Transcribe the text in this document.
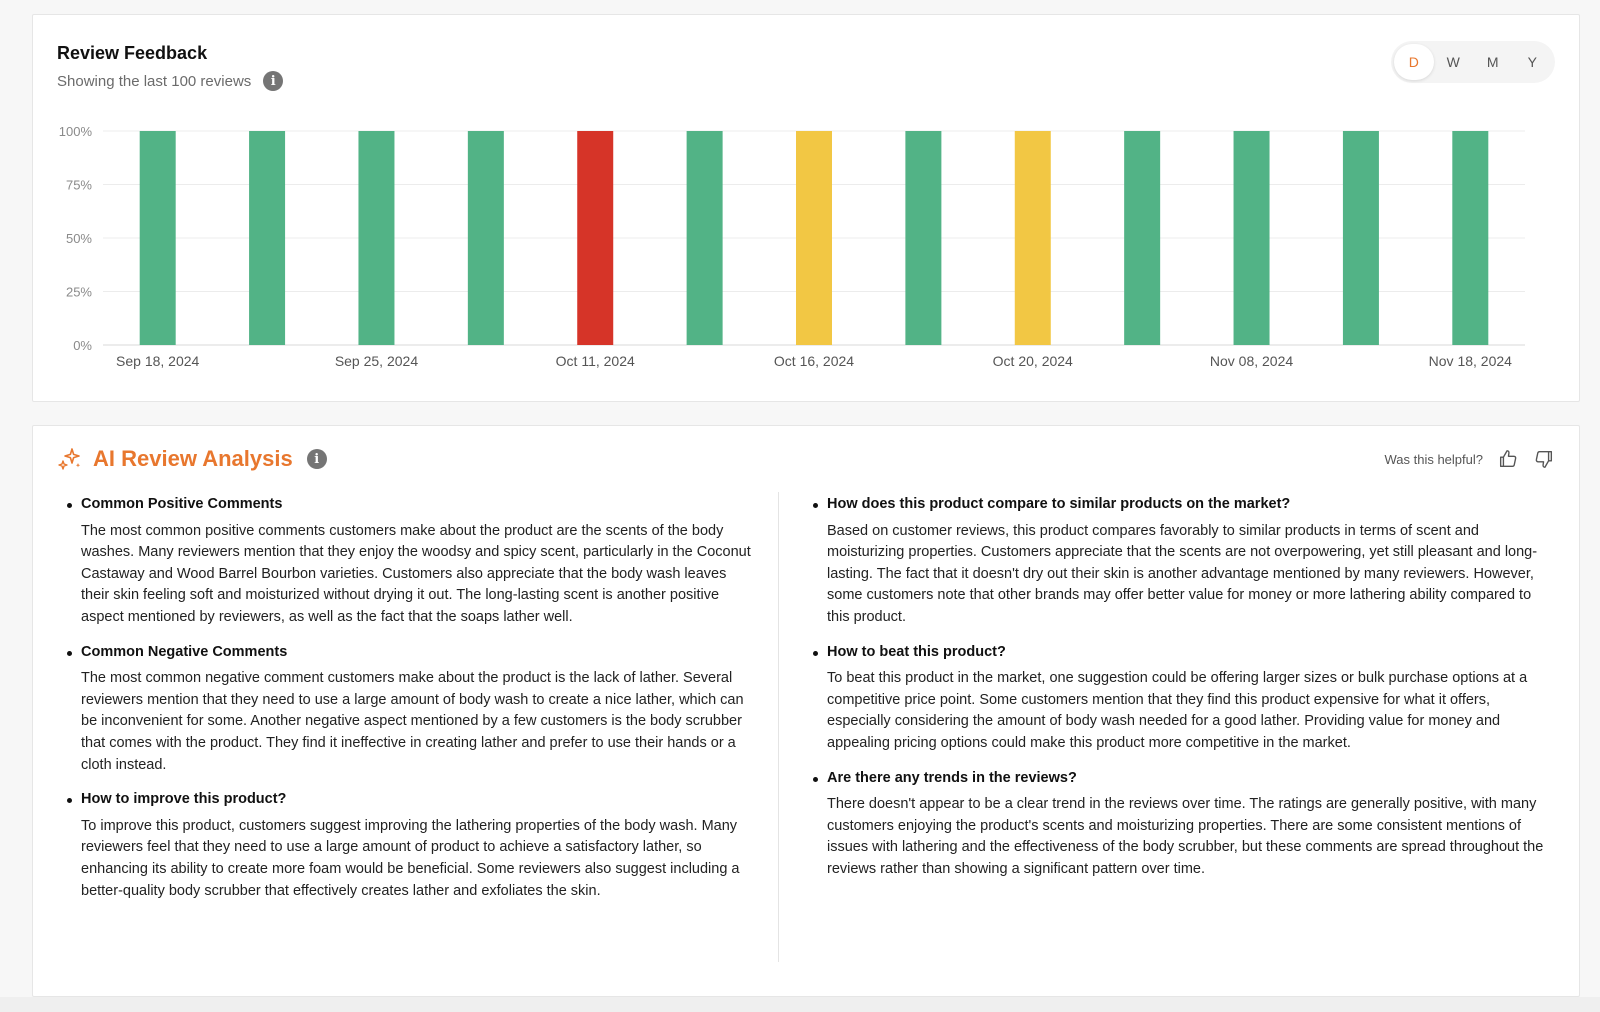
Review Feedback
Showing the last 100 reviews	i
D	W	M	Y
0%
25%
50%
75%
100%
Sep 18, 2024	Sep 25, 2024	Oct 11, 2024	Oct 16, 2024	Oct 20, 2024	Nov 08, 2024	Nov 18, 2024
AI Review Analysis	i	Was this helpful?
Common Positive Comments
The most common positive comments customers make about the product are the scents of the body washes. Many reviewers mention that they enjoy the woodsy and spicy scent, particularly in the Coconut Castaway and Wood Barrel Bourbon varieties. Customers also appreciate that the body wash leaves their skin feeling soft and moisturized without drying it out. The long-lasting scent is another positive aspect mentioned by reviewers, as well as the fact that the soaps lather well.
Common Negative Comments
The most common negative comment customers make about the product is the lack of lather. Several reviewers mention that they need to use a large amount of body wash to create a nice lather, which can be inconvenient for some. Another negative aspect mentioned by a few customers is the body scrubber that comes with the product. They find it ineffective in creating lather and prefer to use their hands or a cloth instead.
How to improve this product?
To improve this product, customers suggest improving the lathering properties of the body wash. Many reviewers feel that they need to use a large amount of product to achieve a satisfactory lather, so enhancing its ability to create more foam would be beneficial. Some reviewers also suggest including a better-quality body scrubber that effectively creates lather and exfoliates the skin.
How does this product compare to similar products on the market?
Based on customer reviews, this product compares favorably to similar products in terms of scent and moisturizing properties. Customers appreciate that the scents are not overpowering, yet still pleasant and long-lasting. The fact that it doesn't dry out their skin is another advantage mentioned by many reviewers. However, some customers note that other brands may offer better value for money or more lathering ability compared to this product.
How to beat this product?
To beat this product in the market, one suggestion could be offering larger sizes or bulk purchase options at a competitive price point. Some customers mention that they find this product expensive for what it offers, especially considering the amount of body wash needed for a good lather. Providing value for money and appealing pricing options could make this product more competitive in the market.
Are there any trends in the reviews?
There doesn't appear to be a clear trend in the reviews over time. The ratings are generally positive, with many customers enjoying the product's scents and moisturizing properties. There are some consistent mentions of issues with lathering and the effectiveness of the body scrubber, but these comments are spread throughout the reviews rather than showing a significant pattern over time.
